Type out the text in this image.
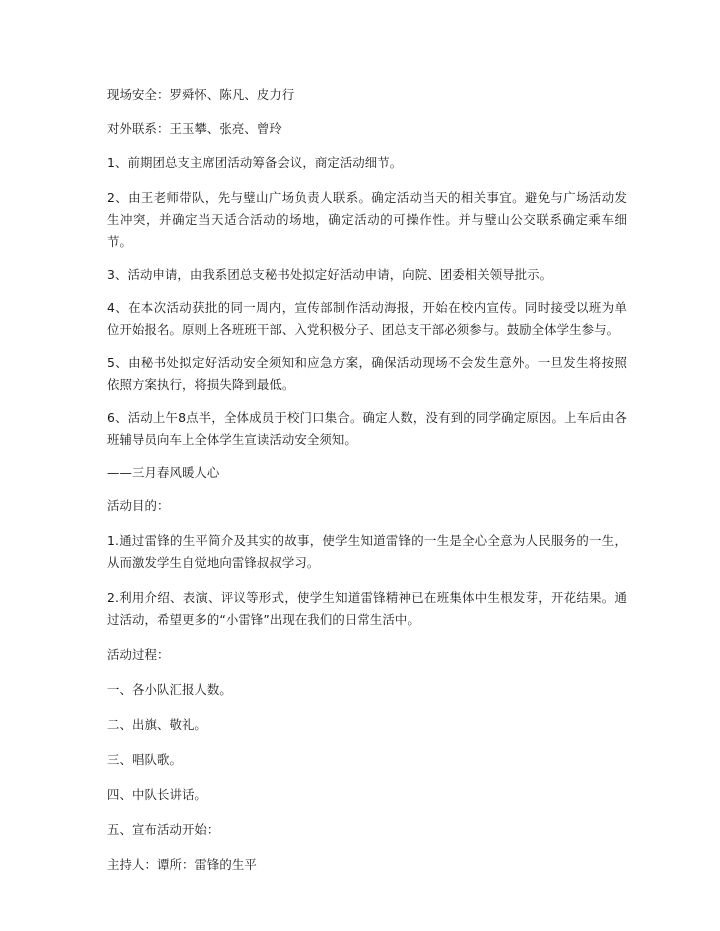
现场安全：罗舜怀、陈凡、皮力行

对外联系：王玉攀、张亮、曾玲

1、前期团总支主席团活动筹备会议，商定活动细节。

2、由王老师带队，先与璧山广场负责人联系。确定活动当天的相关事宜。避免与广场活动发生冲突，并确定当天适合活动的场地，确定活动的可操作性。并与璧山公交联系确定乘车细节。

3、活动申请，由我系团总支秘书处拟定好活动申请，向院、团委相关领导批示。

4、在本次活动获批的同一周内，宣传部制作活动海报，开始在校内宣传。同时接受以班为单位开始报名。原则上各班班干部、入党积极分子、团总支干部必须参与。鼓励全体学生参与。

5、由秘书处拟定好活动安全须知和应急方案，确保活动现场不会发生意外。一旦发生将按照依照方案执行，将损失降到最低。

6、活动上午8点半，全体成员于校门口集合。确定人数，没有到的同学确定原因。上车后由各班辅导员向车上全体学生宣读活动安全须知。

——三月春风暖人心

活动目的：

1.通过雷锋的生平简介及其实的故事，使学生知道雷锋的一生是全心全意为人民服务的一生，从而激发学生自觉地向雷锋叔叔学习。

2.利用介绍、表演、评议等形式，使学生知道雷锋精神已在班集体中生根发芽，开花结果。通过活动，希望更多的“小雷锋”出现在我们的日常生活中。

活动过程：

一、各小队汇报人数。

二、出旗、敬礼。

三、唱队歌。

四、中队长讲话。

五、宣布活动开始：

主持人：谭所：雷锋的生平
